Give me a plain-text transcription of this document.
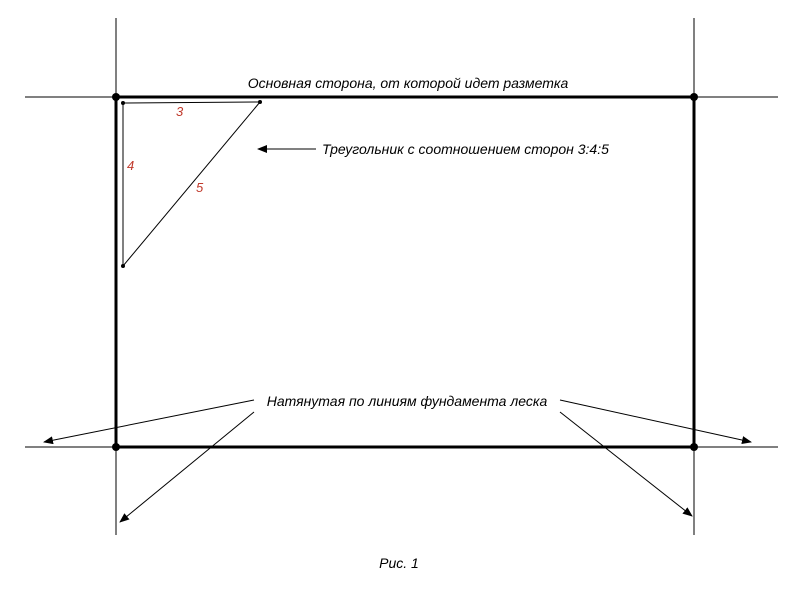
3
4
5
Основная сторона, от которой идет разметка
Треугольник с соотношением сторон 3:4:5
Натянутая по линиям фундамента леска
Рис. 1
